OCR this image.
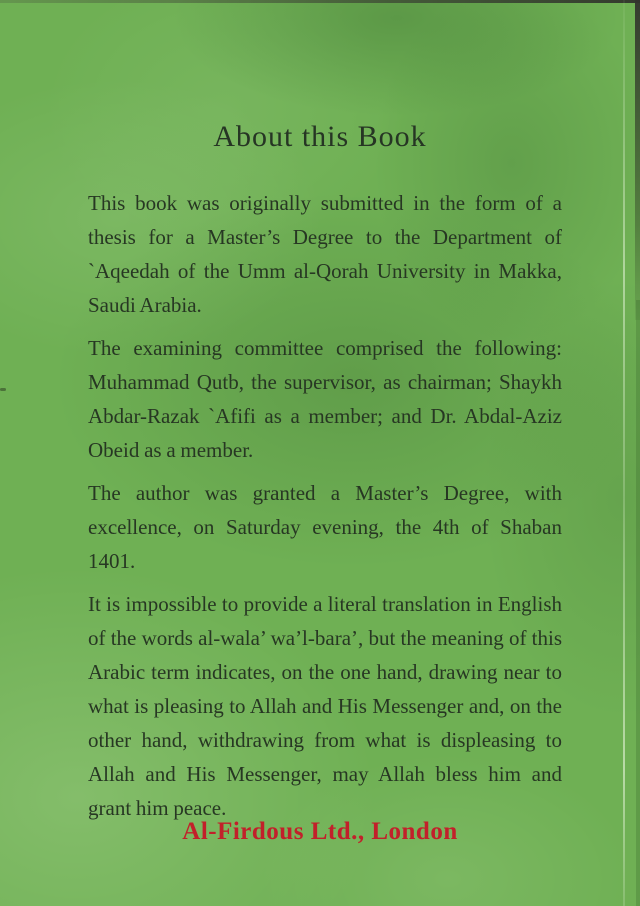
About this Book

This book was originally submitted in the form of a thesis for a Master’s Degree to the Department of `Aqeedah of the Umm al-Qorah University in Makka, Saudi Arabia.

The examining committee comprised the following: Muhammad Qutb, the supervisor, as chairman; Shaykh Abdar-Razak `Afifi as a member; and Dr. Abdal-Aziz Obeid as a member.

The author was granted a Master’s Degree, with excellence, on Saturday evening, the 4th of Shaban 1401.

It is impossible to provide a literal translation in English of the words al-wala’ wa’l-bara’, but the meaning of this Arabic term indicates, on the one hand, drawing near to what is pleasing to Allah and His Messenger and, on the other hand, withdrawing from what is displeasing to Allah and His Messenger, may Allah bless him and grant him peace.

Al-Firdous Ltd., London
